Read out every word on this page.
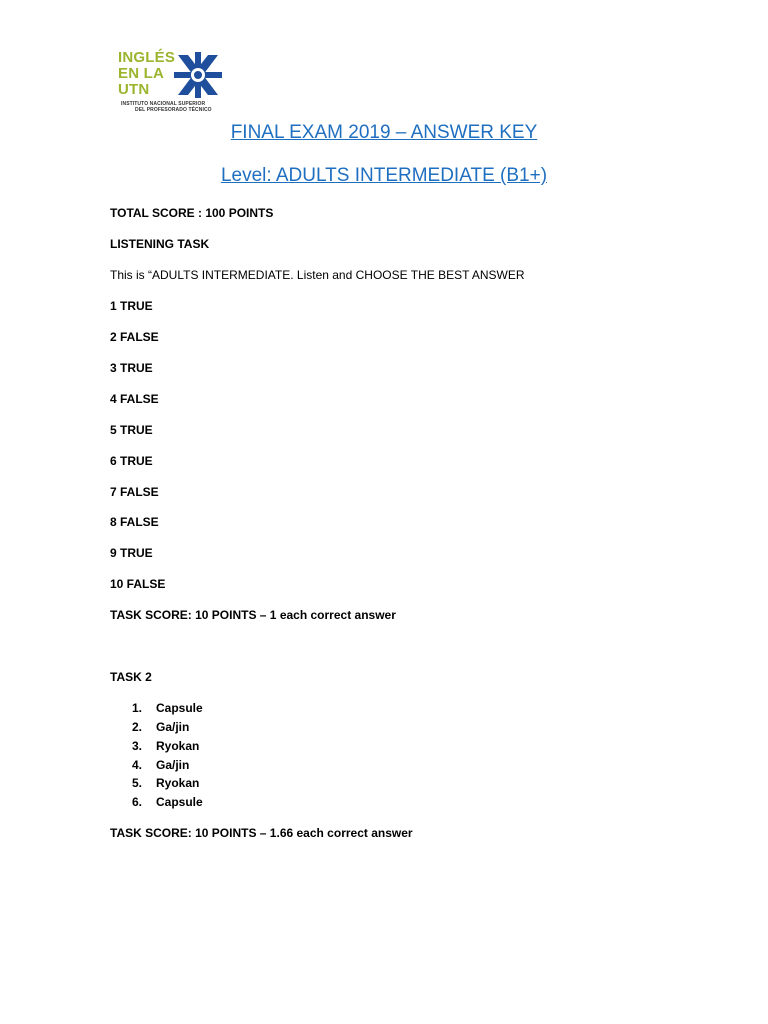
INGLÉS
EN LA
UTN
INSTITUTO NACIONAL SUPERIOR
DEL PROFESORADO TÉCNICO
FINAL EXAM 2019 – ANSWER KEY
Level: ADULTS INTERMEDIATE (B1+)
TOTAL SCORE : 100 POINTS
LISTENING TASK
This is “ADULTS INTERMEDIATE. Listen and CHOOSE THE BEST ANSWER
1 TRUE
2 FALSE
3 TRUE
4 FALSE
5 TRUE
6 TRUE
7 FALSE
8 FALSE
9 TRUE
10 FALSE
TASK SCORE: 10 POINTS – 1 each correct answer
TASK 2
1. Capsule
2. Ga/jin
3. Ryokan
4. Ga/jin
5. Ryokan
6. Capsule
TASK SCORE: 10 POINTS – 1.66 each correct answer
